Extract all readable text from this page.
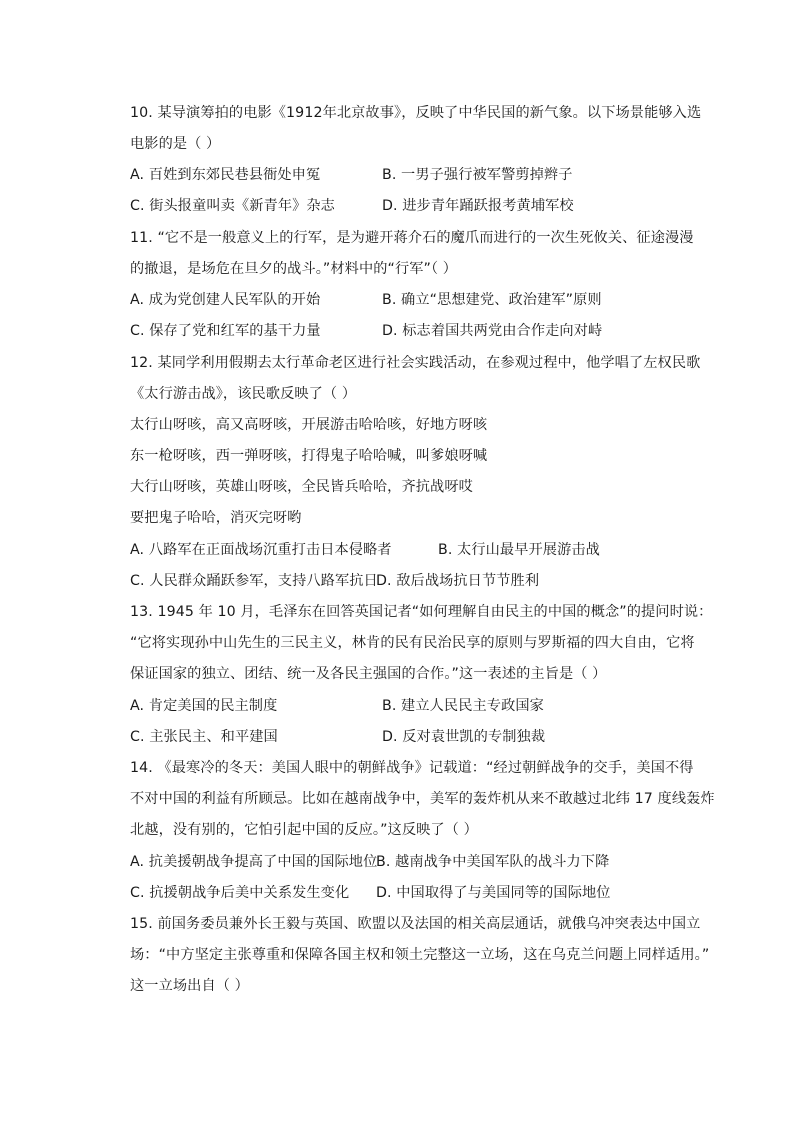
10. 某导演筹拍的电影《1912年北京故事》，反映了中华民国的新气象。以下场景能够入选
电影的是（ ）
A. 百姓到东郊民巷县衙处申冤	B. 一男子强行被军警剪掉辫子
C. 街头报童叫卖《新青年》杂志	D. 进步青年踊跃报考黄埔军校
11. “它不是一般意义上的行军，是为避开蒋介石的魔爪而进行的一次生死攸关、征途漫漫
的撤退，是场危在旦夕的战斗。”材料中的“行军”（ ）
A. 成为党创建人民军队的开始	B. 确立“思想建党、政治建军”原则
C. 保存了党和红军的基干力量	D. 标志着国共两党由合作走向对峙
12. 某同学利用假期去太行革命老区进行社会实践活动，在参观过程中，他学唱了左权民歌
《太行游击战》，该民歌反映了（ ）
太行山呀咳，高又高呀咳，开展游击哈哈咳，好地方呀咳
东一枪呀咳，西一弹呀咳，打得鬼子哈哈喊，叫爹娘呀喊
大行山呀咳，英雄山呀咳，全民皆兵哈哈，齐抗战呀哎
要把鬼子哈哈，消灭完呀哟
A. 八路军在正面战场沉重打击日本侵略者	B. 太行山最早开展游击战
C. 人民群众踊跃参军，支持八路军抗日
D. 敌后战场抗日节节胜利
13. 1945 年 10 月，毛泽东在回答英国记者“如何理解自由民主的中国的概念”的提问时说：
“它将实现孙中山先生的三民主义，林肯的民有民治民享的原则与罗斯福的四大自由，它将
保证国家的独立、团结、统一及各民主强国的合作。”这一表述的主旨是（ ）
A. 肯定美国的民主制度	B. 建立人民民主专政国家
C. 主张民主、和平建国	D. 反对袁世凯的专制独裁
14. 《最寒冷的冬天：美国人眼中的朝鲜战争》记载道：“经过朝鲜战争的交手，美国不得
不对中国的利益有所顾忌。比如在越南战争中，美军的轰炸机从来不敢越过北纬 17 度线轰炸
北越，没有别的，它怕引起中国的反应。”这反映了（ ）
A. 抗美援朝战争提高了中国的国际地位
B. 越南战争中美国军队的战斗力下降
C. 抗援朝战争后美中关系发生变化 D. 中国取得了与美国同等的国际地位
15. 前国务委员兼外长王毅与英国、欧盟以及法国的相关高层通话，就俄乌冲突表达中国立
场：“中方坚定主张尊重和保障各国主权和领土完整这一立场，这在乌克兰问题上同样适用。”
这一立场出自（ ）
